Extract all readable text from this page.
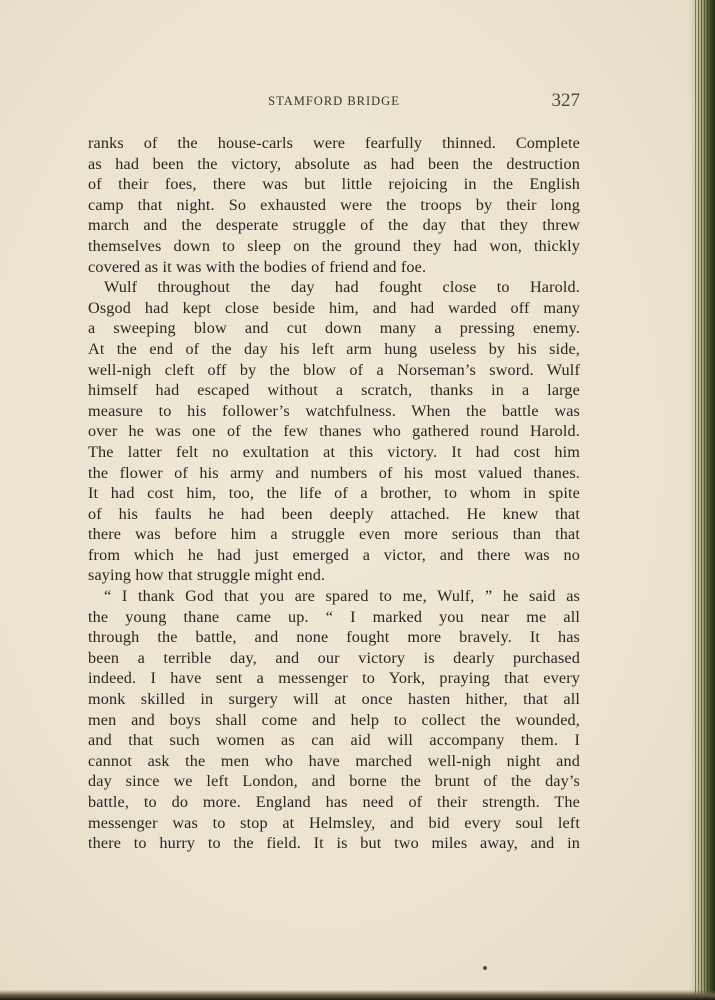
STAMFORD BRIDGE	327
ranks of the house-carls were fearfully thinned. Complete
as had been the victory, absolute as had been the destruction
of their foes, there was but little rejoicing in the English
camp that night. So exhausted were the troops by their long
march and the desperate struggle of the day that they threw
themselves down to sleep on the ground they had won, thickly
covered as it was with the bodies of friend and foe.
Wulf throughout the day had fought close to Harold.
Osgod had kept close beside him, and had warded off many
a sweeping blow and cut down many a pressing enemy.
At the end of the day his left arm hung useless by his side,
well-nigh cleft off by the blow of a Norseman’s sword. Wulf
himself had escaped without a scratch, thanks in a large
measure to his follower’s watchfulness. When the battle was
over he was one of the few thanes who gathered round Harold.
The latter felt no exultation at this victory. It had cost him
the flower of his army and numbers of his most valued thanes.
It had cost him, too, the life of a brother, to whom in spite
of his faults he had been deeply attached. He knew that
there was before him a struggle even more serious than that
from which he had just emerged a victor, and there was no
saying how that struggle might end.
“ I thank God that you are spared to me, Wulf, ” he said as
the young thane came up. “ I marked you near me all
through the battle, and none fought more bravely. It has
been a terrible day, and our victory is dearly purchased
indeed. I have sent a messenger to York, praying that every
monk skilled in surgery will at once hasten hither, that all
men and boys shall come and help to collect the wounded,
and that such women as can aid will accompany them. I
cannot ask the men who have marched well-nigh night and
day since we left London, and borne the brunt of the day’s
battle, to do more. England has need of their strength. The
messenger was to stop at Helmsley, and bid every soul left
there to hurry to the field. It is but two miles away, and in
